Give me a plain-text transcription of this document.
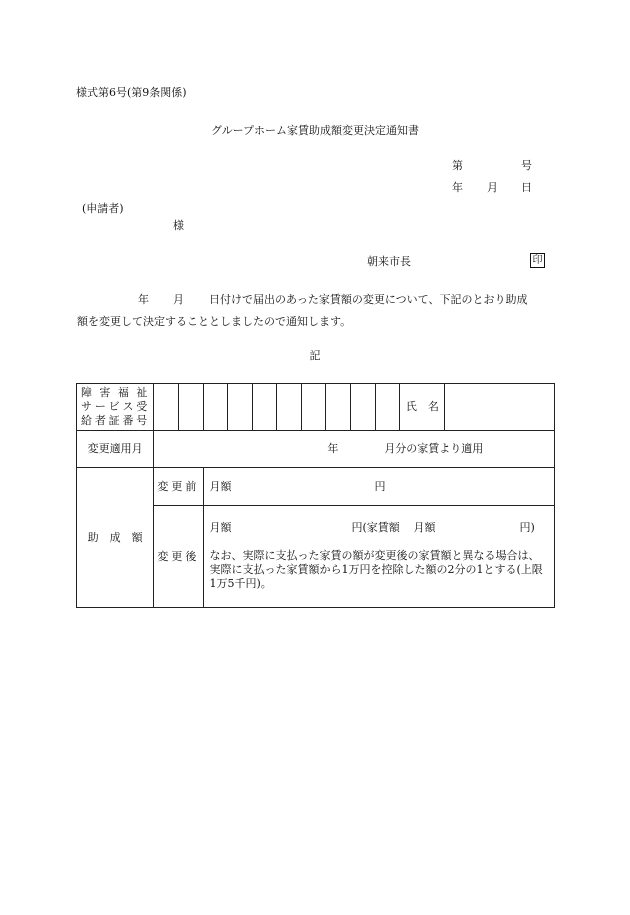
様式第6号(第9条関係)
グループホーム家賃助成額変更決定通知書
第	号
年 月 日
(申請者)
様
朝来市長	印
年 月 日付けで届出のあった家賃額の変更について、下記のとおり助成
額を変更して決定することとしましたので通知します。
記
障害福祉
サービス受
給者証番号											氏　名	
変更適用月	年 月分の家賃より適用											
助　成　額	変更前		月額 円									
	変更後		月額 円(家賃額 月額 円)
なお、実際に支払った家賃の額が変更後の家賃額と異なる場合は、実際に支払った家賃額から1万円を控除した額の2分の1とする(上限1万5千円)。									
